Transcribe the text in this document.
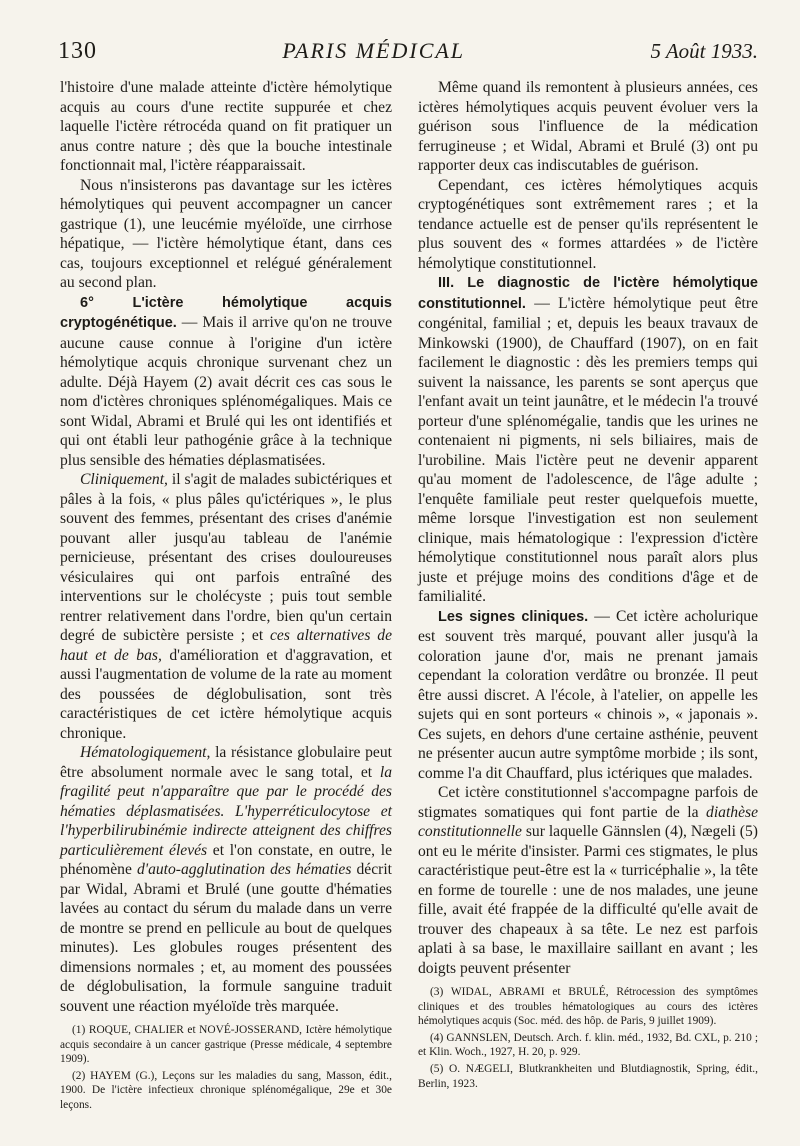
130	PARIS MÉDICAL	5 Août 1933.

l'histoire d'une malade atteinte d'ictère hémolytique acquis au cours d'une rectite suppurée et chez laquelle l'ictère rétrocéda quand on fit pratiquer un anus contre nature ; dès que la bouche intestinale fonctionnait mal, l'ictère réapparaissait.

Nous n'insisterons pas davantage sur les ictères hémolytiques qui peuvent accompagner un cancer gastrique (1), une leucémie myéloïde, une cirrhose hépatique, — l'ictère hémolytique étant, dans ces cas, toujours exceptionnel et relégué généralement au second plan.

6° L'ictère hémolytique acquis cryptogénétique. — Mais il arrive qu'on ne trouve aucune cause connue à l'origine d'un ictère hémolytique acquis chronique survenant chez un adulte. Déjà Hayem (2) avait décrit ces cas sous le nom d'ictères chroniques splénomégaliques. Mais ce sont Widal, Abrami et Brulé qui les ont identifiés et qui ont établi leur pathogénie grâce à la technique plus sensible des hématies déplasmatisées.

Cliniquement, il s'agit de malades subictériques et pâles à la fois, « plus pâles qu'ictériques », le plus souvent des femmes, présentant des crises d'anémie pouvant aller jusqu'au tableau de l'anémie pernicieuse, présentant des crises douloureuses vésiculaires qui ont parfois entraîné des interventions sur le cholécyste ; puis tout semble rentrer relativement dans l'ordre, bien qu'un certain degré de subictère persiste ; et ces alternatives de haut et de bas, d'amélioration et d'aggravation, et aussi l'augmentation de volume de la rate au moment des poussées de déglobulisation, sont très caractéristiques de cet ictère hémolytique acquis chronique.

Hématologiquement, la résistance globulaire peut être absolument normale avec le sang total, et la fragilité peut n'apparaître que par le procédé des hématies déplasmatisées. L'hyperréticulocytose et l'hyperbilirubinémie indirecte atteignent des chiffres particulièrement élevés et l'on constate, en outre, le phénomène d'auto-agglutination des hématies décrit par Widal, Abrami et Brulé (une goutte d'hématies lavées au contact du sérum du malade dans un verre de montre se prend en pellicule au bout de quelques minutes). Les globules rouges présentent des dimensions normales ; et, au moment des poussées de déglobulisation, la formule sanguine traduit souvent une réaction myéloïde très marquée.

(1) ROQUE, CHALIER et NOVÉ-JOSSERAND, Ictère hémolytique acquis secondaire à un cancer gastrique (Presse médicale, 4 septembre 1909).

(2) HAYEM (G.), Leçons sur les maladies du sang, Masson, édit., 1900. De l'ictère infectieux chronique splénomégalique, 29e et 30e leçons.

Même quand ils remontent à plusieurs années, ces ictères hémolytiques acquis peuvent évoluer vers la guérison sous l'influence de la médication ferrugineuse ; et Widal, Abrami et Brulé (3) ont pu rapporter deux cas indiscutables de guérison.

Cependant, ces ictères hémolytiques acquis cryptogénétiques sont extrêmement rares ; et la tendance actuelle est de penser qu'ils représentent le plus souvent des « formes attardées » de l'ictère hémolytique constitutionnel.

III. Le diagnostic de l'ictère hémolytique constitutionnel. — L'ictère hémolytique peut être congénital, familial ; et, depuis les beaux travaux de Minkowski (1900), de Chauffard (1907), on en fait facilement le diagnostic : dès les premiers temps qui suivent la naissance, les parents se sont aperçus que l'enfant avait un teint jaunâtre, et le médecin l'a trouvé porteur d'une splénomégalie, tandis que les urines ne contenaient ni pigments, ni sels biliaires, mais de l'urobiline. Mais l'ictère peut ne devenir apparent qu'au moment de l'adolescence, de l'âge adulte ; l'enquête familiale peut rester quelquefois muette, même lorsque l'investigation est non seulement clinique, mais hématologique : l'expression d'ictère hémolytique constitutionnel nous paraît alors plus juste et préjuge moins des conditions d'âge et de familialité.

Les signes cliniques. — Cet ictère acholurique est souvent très marqué, pouvant aller jusqu'à la coloration jaune d'or, mais ne prenant jamais cependant la coloration verdâtre ou bronzée. Il peut être aussi discret. A l'école, à l'atelier, on appelle les sujets qui en sont porteurs « chinois », « japonais ». Ces sujets, en dehors d'une certaine asthénie, peuvent ne présenter aucun autre symptôme morbide ; ils sont, comme l'a dit Chauffard, plus ictériques que malades.

Cet ictère constitutionnel s'accompagne parfois de stigmates somatiques qui font partie de la diathèse constitutionnelle sur laquelle Gännslen (4), Nægeli (5) ont eu le mérite d'insister. Parmi ces stigmates, le plus caractéristique peut-être est la « turricéphalie », la tête en forme de tourelle : une de nos malades, une jeune fille, avait été frappée de la difficulté qu'elle avait de trouver des chapeaux à sa tête. Le nez est parfois aplati à sa base, le maxillaire saillant en avant ; les doigts peuvent présenter

(3) WIDAL, ABRAMI et BRULÉ, Rétrocession des symptômes cliniques et des troubles hématologiques au cours des ictères hémolytiques acquis (Soc. méd. des hôp. de Paris, 9 juillet 1909).

(4) GANNSLEN, Deutsch. Arch. f. klin. méd., 1932, Bd. CXL, p. 210 ; et Klin. Woch., 1927, H. 20, p. 929.

(5) O. NÆGELI, Blutkrankheiten und Blutdiagnostik, Spring, édit., Berlin, 1923.
